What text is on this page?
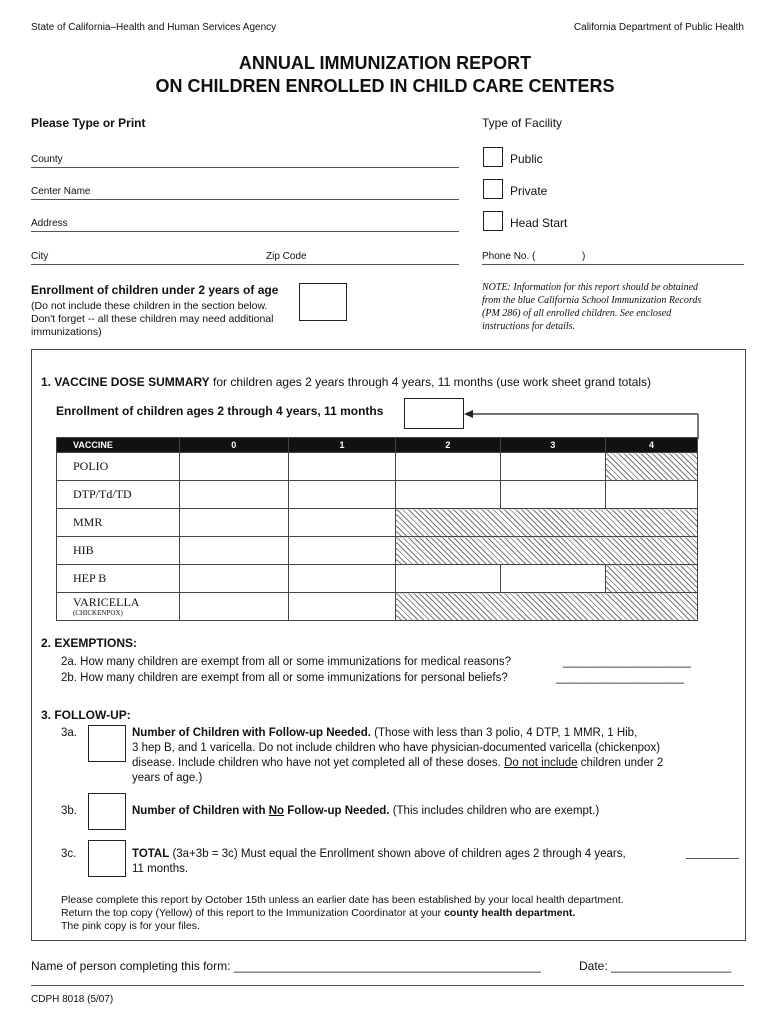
State of California–Health and Human Services Agency	California Department of Public Health
ANNUAL IMMUNIZATION REPORT
ON CHILDREN ENROLLED IN CHILD CARE CENTERS
Please Type or Print
County
Center Name
Address
City	Zip Code
Type of Facility
Public
Private
Head Start
Phone No. (	)
Enrollment of children under 2 years of age
(Do not include these children in the section below.
Don't forget -- all these children may need additional
immunizations)
NOTE: Information for this report should be obtained
from the blue California School Immunization Records
(PM 286) of all enrolled children. See enclosed
instructions for details.
1. VACCINE DOSE SUMMARY for children ages 2 years through 4 years, 11 months (use work sheet grand totals)
Enrollment of children ages 2 through 4 years, 11 months
VACCINE	0	1	2	3	4
POLIO					
DTP/Td/TD					
MMR					
HIB					
HEP B					
VARICELLA
(CHICKENPOX)					

2. EXEMPTIONS:
2a. How many children are exempt from all or some immunizations for medical reasons?	____________________
2b. How many children are exempt from all or some immunizations for personal beliefs?	____________________
3. FOLLOW-UP:
3a.	Number of Children with Follow-up Needed. (Those with less than 3 polio, 4 DTP, 1 MMR, 1 Hib,
3 hep B, and 1 varicella. Do not include children who have physician-documented varicella (chickenpox)
disease. Include children who have not yet completed all of these doses. Do not include children under 2
years of age.)
3b.	Number of Children with No Follow-up Needed. (This includes children who are exempt.)
3c.	TOTAL (3a+3b = 3c) Must equal the Enrollment shown above of children ages 2 through 4 years,
11 months.
Please complete this report by October 15th unless an earlier date has been established by your local health department.
Return the top copy (Yellow) of this report to the Immunization Coordinator at your county health department.
The pink copy is for your files.
Name of person completing this form: ______________________________________________	Date: __________________
CDPH 8018 (5/07)
